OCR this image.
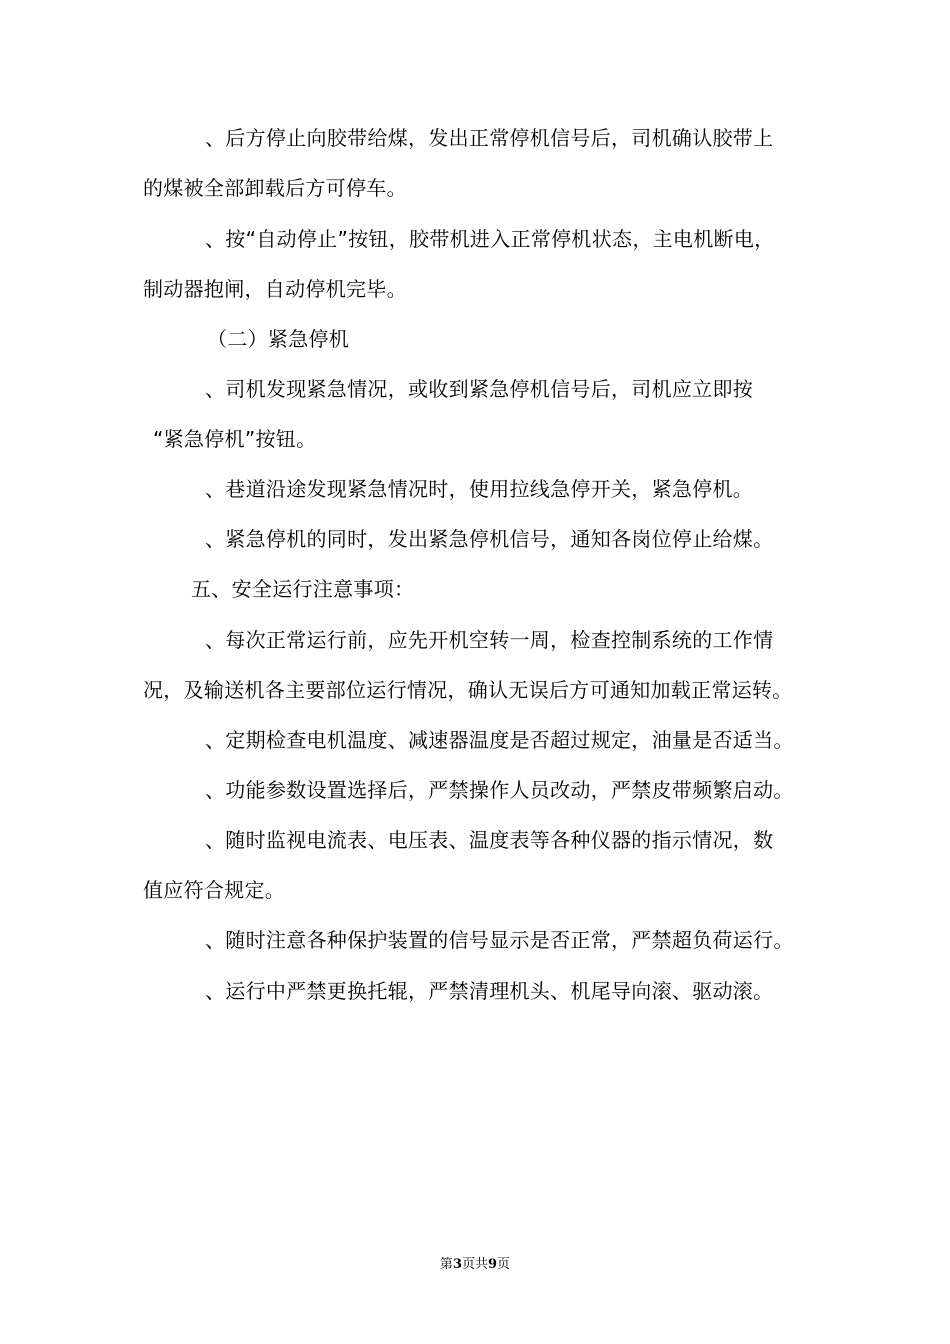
、后方停止向胶带给煤，发出正常停机信号后，司机确认胶带上
的煤被全部卸载后方可停车。
、按“自动停止”按钮，胶带机进入正常停机状态，主电机断电，
制动器抱闸，自动停机完毕。
（二）紧急停机
、司机发现紧急情况，或收到紧急停机信号后，司机应立即按
“紧急停机”按钮。
、巷道沿途发现紧急情况时，使用拉线急停开关，紧急停机。
、紧急停机的同时，发出紧急停机信号，通知各岗位停止给煤。
五、安全运行注意事项：
、每次正常运行前，应先开机空转一周，检查控制系统的工作情
况，及输送机各主要部位运行情况，确认无误后方可通知加载正常运转。
、定期检查电机温度、减速器温度是否超过规定，油量是否适当。
、功能参数设置选择后，严禁操作人员改动，严禁皮带频繁启动。
、随时监视电流表、电压表、温度表等各种仪器的指示情况，数
值应符合规定。
、随时注意各种保护装置的信号显示是否正常，严禁超负荷运行。
、运行中严禁更换托辊，严禁清理机头、机尾导向滚、驱动滚。
第3页共9页
